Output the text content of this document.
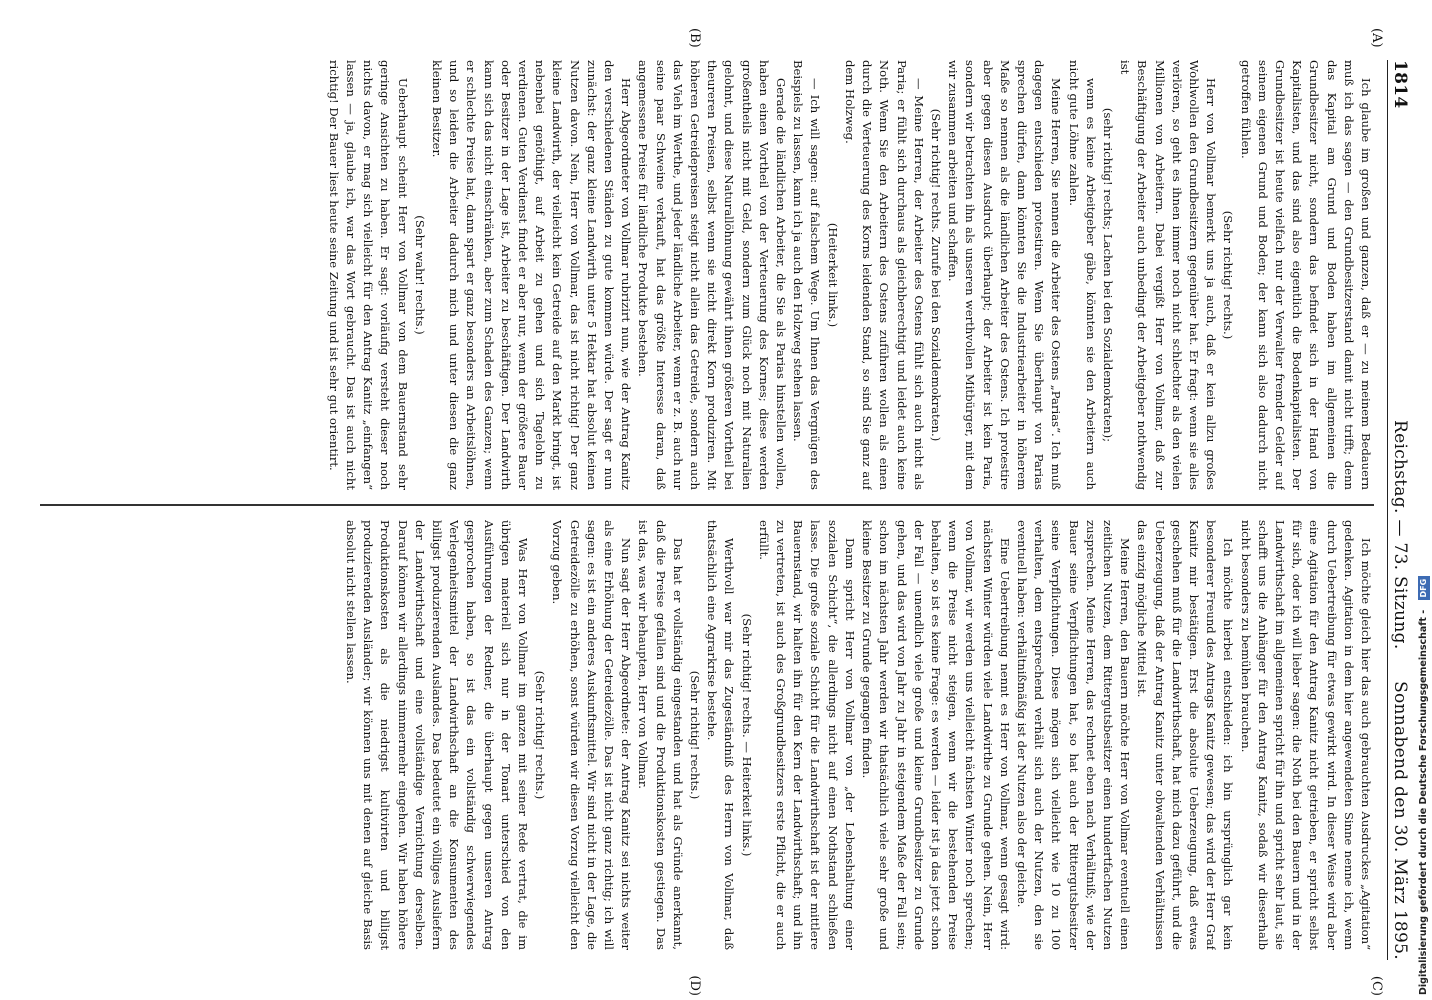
1814
Reichstag. — 73. Sitzung.
Sonnabend den 30. März 1895.
(A)
(B)
(C)
(D)

Ich glaube im großen und ganzen, daß er — zu meinem Bedauern muß ich das sagen — den Grundbesitzerstand damit nicht trifft; denn das Kapital am Grund und Boden haben im allgemeinen die Grundbesitzer nicht, sondern das befindet sich in der Hand von Kapitalisten, und das sind also eigentlich die Bodenkapitalisten. Der Grundbesitzer ist heute vielfach nur der Verwalter fremder Gelder auf seinem eigenen Grund und Boden; der kann sich also dadurch nicht getroffen fühlen.

(Sehr richtig! rechts.)

Herr von Vollmar bemerkt uns ja auch, daß er kein allzu großes Wohlwollen den Grundbesitzern gegenüber hat. Er fragt: wenn sie alles verlören, so geht es ihnen immer noch nicht schlechter als den vielen Millionen von Arbeitern. Dabei vergißt Herr von Vollmar, daß zur Beschäftigung der Arbeiter auch unbedingt der Arbeitgeber nothwendig ist

(sehr richtig! rechts; Lachen bei den Sozialdemokraten);

wenn es keine Arbeitgeber gäbe, könnten sie den Arbeitern auch nicht gute Löhne zahlen.

Meine Herren, Sie nennen die Arbeiter des Ostens „Parias“. Ich muß dagegen entschieden protestiren. Wenn Sie überhaupt von Parias sprechen dürfen, dann könnten Sie die Industriearbeiter in höherem Maße so nennen als die ländlichen Arbeiter des Ostens. Ich protestire aber gegen diesen Ausdruck überhaupt; der Arbeiter ist kein Paria, sondern wir betrachten ihn als unseren werthvollen Mitbürger, mit dem wir zusammen arbeiten und schaffen.

(Sehr richtig! rechts. Zurufe bei den Sozialdemokraten.)

— Meine Herren, der Arbeiter des Ostens fühlt sich auch nicht als Paria; er fühlt sich durchaus als gleichberechtigt und leidet auch keine Noth. Wenn Sie den Arbeitern des Ostens zuführen wollen als einen durch die Verteuerung des Korns leidenden Stand, so sind Sie ganz auf dem Holzweg.

(Heiterkeit links.)

— Ich will sagen: auf falschem Wege. Um Ihnen das Vergnügen des Beispiels zu lassen, kann ich ja auch den Holzweg stehen lassen.

Gerade die ländlichen Arbeiter, die Sie als Parias hinstellen wollen, haben einen Vortheil von der Verteuerung des Kornes; diese werden großentheils nicht mit Geld, sondern zum Glück noch mit Naturalien gelohnt, und diese Naturallöhnung gewährt ihnen größeren Vortheil bei theureren Preisen, selbst wenn sie nicht direkt Korn produziren. Mit höheren Getreidepreisen steigt nicht allein das Getreide, sondern auch das Vieh im Werthe, und jeder ländliche Arbeiter, wenn er z. B. auch nur seine paar Schweine verkauft, hat das größte Interesse daran, daß angemessene Preise für ländliche Produkte bestehen.

Herr Abgeordneter von Vollmar rubrizirt nun, wie der Antrag Kanitz den verschiedenen Ständen zu gute kommen würde. Der sagt er nun zunächst: der ganz kleine Landwirth unter 5 Hektar hat absolut keinen Nutzen davon. Nein, Herr von Vollmar, das ist nicht richtig! Der ganz kleine Landwirth, der vielleicht kein Getreide auf den Markt bringt, ist nebenbei genöthigt, auf Arbeit zu gehen und sich Tagelohn zu verdienen. Guten Verdienst findet er aber nur, wenn der größere Bauer oder Besitzer in der Lage ist, Arbeiter zu beschäftigen. Der Landwirth kann sich das nicht einschränken, aber zum Schaden des Ganzen; wenn er schlechte Preise hat, dann spart er ganz besonders an Arbeitslöhnen, und so leiden die Arbeiter dadurch mich und unter diesen die ganz kleinen Besitzer.

(Sehr wahr! rechts.)

Ueberhaupt scheint Herr von Vollmar von dem Bauernstand sehr geringe Ansichten zu haben. Er sagt: vorläufig versteht dieser noch nichts davon, er mag sich vielleicht für den Antrag Kanitz „einfangen“ lassen — ja, glaube ich, war das Wort gebraucht. Das ist auch nicht richtig! Der Bauer liest heute seine Zeitung und ist sehr gut orientirt.

Ich möchte gleich hier das auch gebrauchten Ausdruckes „Agitation“ gedenken. Agitation in dem hier angewendeten Sinne nenne ich, wenn durch Uebertreibung für etwas gewirkt wird. In dieser Weise wird aber eine Agitation für den Antrag Kanitz nicht getrieben, er spricht selbst für sich, oder ich will lieber sagen: die Noth bei den Bauern und in der Landwirthschaft im allgemeinen spricht für ihn und spricht sehr laut, sie schafft uns die Anhänger für den Antrag Kanitz, sodaß wir dieserhalb nicht besonders zu bemühen brauchen.

Ich möchte hierbei entschieden: ich bin ursprünglich gar kein besonderer Freund des Antrags Kanitz gewesen; das wird der Herr Graf Kanitz mir bestätigen. Erst die absolute Ueberzeugung, daß etwas geschehen muß für die Landwirthschaft, hat mich dazu geführt, und die Ueberzeugung, daß der Antrag Kanitz unter obwaltenden Verhältnissen das einzig mögliche Mittel ist.

Meine Herren, den Bauern möchte Herr von Vollmar eventuell einen zeitlichen Nutzen, dem Rittergutsbesitzer einen hundertfachen Nutzen zusprechen. Meine Herren, das rechnet eben nach Verhältniß; wie der Bauer seine Verpflichtungen hat, so hat auch der Rittergutsbesitzer seine Verpflichtungen. Diese mögen sich vielleicht wie 10 zu 100 verhalten, dem entsprechend verhält sich auch der Nutzen, den sie eventuell haben: verhältnißmäßig ist der Nutzen also der gleiche.

Eine Uebertreibung nennt es Herr von Vollmar, wenn gesagt wird: nächsten Winter würden viele Landwirthe zu Grunde gehen. Nein, Herr von Vollmar, wir werden uns vielleicht nächsten Winter noch sprechen; wenn die Preise nicht steigen, wenn wir die bestehenden Preise behalten, so ist es keine Frage: es werden — leider ist ja das jetzt schon der Fall — unendlich viele große und kleine Grundbesitzer zu Grunde gehen, und das wird von Jahr zu Jahr in steigendem Maße der Fall sein; schon im nächsten Jahr werden wir thatsächlich viele sehr große und kleine Besitzer zu Grunde gegangen finden.

Dann spricht Herr von Vollmar von „der Lebenshaltung einer sozialen Schicht“, die allerdings nicht auf einen Nothstand schließen lasse. Die große soziale Schicht für die Landwirthschaft ist der mittlere Bauernstand, wir halten ihn für den Kern der Landwirthschaft; und ihn zu vertreten, ist auch des Großgrundbesitzers erste Pflicht, die er auch erfüllt.

(Sehr richtig! rechts. — Heiterkeit links.)

Werthvoll war mir das Zugeständniß des Herrn von Vollmar, daß thatsächlich eine Agrarkrise bestehe.

(Sehr richtig! rechts.)

Das hat er vollständig eingestanden und hat als Gründe anerkannt, daß die Preise gefallen sind und die Produktionskosten gestiegen. Das ist das, was wir behaupten, Herr von Vollmar.

Nun sagt der Herr Abgeordnete: der Antrag Kanitz sei nichts weiter als eine Erhöhung der Getreidezölle. Das ist nicht ganz richtig; ich will sagen: es ist ein anderes Auskunftsmittel. Wir sind nicht in der Lage, die Getreidezölle zu erhöhen, sonst würden wir diesen Vorzug vielleicht den Vorzug geben.

(Sehr richtig! rechts.)

Was Herr von Vollmar im ganzen mit seiner Rede vertrat, die im übrigen materiell sich nur in der Tonart unterschied von den Ausführungen der Redner, die überhaupt gegen unseren Antrag gesprochen haben, so ist das ein vollständig schwerwiegendes Verlegenheitsmittel der Landwirthschaft an die Konsumenten des billigst produzierenden Auslandes. Das bedeutet ein völliges Ausliefern der Landwirthschaft und eine vollständige Vernichtung derselben. Darauf können wir allerdings nimmermehr eingehen. Wir haben höhere Produktionskosten als die niedrigst kultivirten und billigst produzierenden Ausländer; wir können uns mit denen auf gleiche Basis absolut nicht stellen lassen.

Digitalisierung gefördert durch die Deutsche Forschungsgemeinschaft - DFG
